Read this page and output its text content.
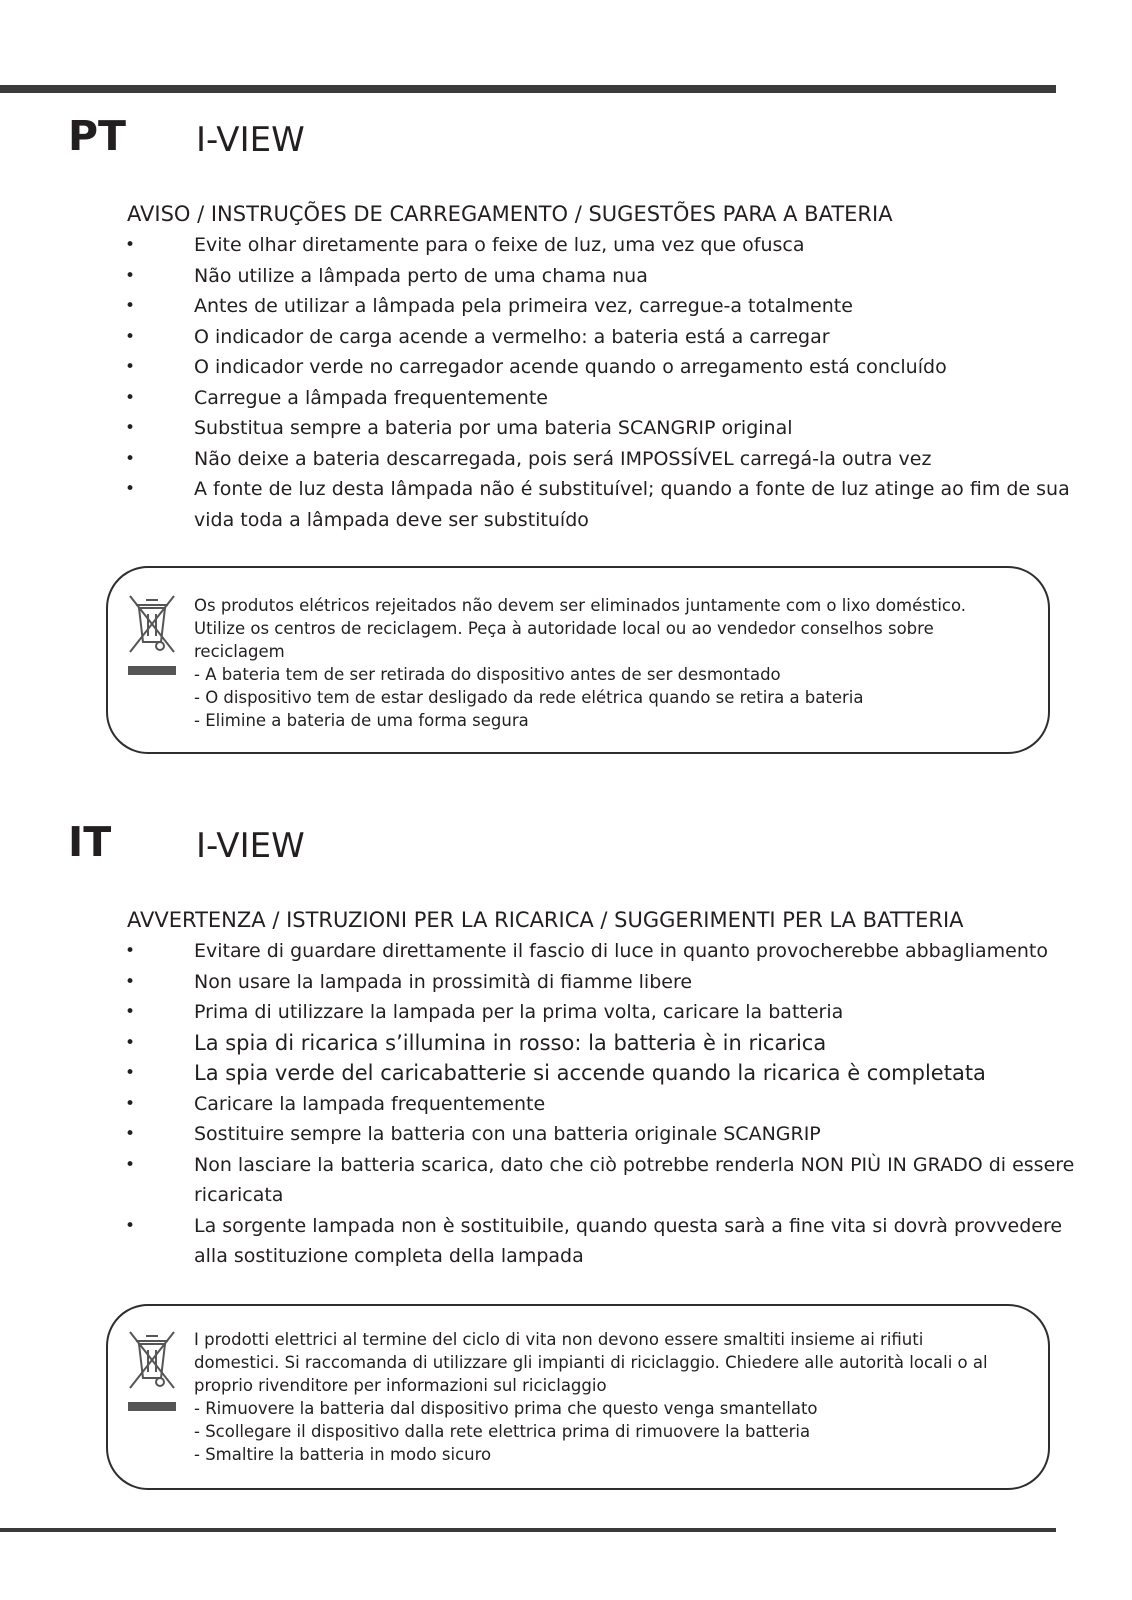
PT I-VIEW
AVISO / INSTRUÇÕES DE CARREGAMENTO / SUGESTÕES PARA A BATERIA
•	Evite olhar diretamente para o feixe de luz, uma vez que ofusca
•	Não utilize a lâmpada perto de uma chama nua
•	Antes de utilizar a lâmpada pela primeira vez, carregue-a totalmente
•	O indicador de carga acende a vermelho: a bateria está a carregar
•	O indicador verde no carregador acende quando o arregamento está concluído
•	Carregue a lâmpada frequentemente
•	Substitua sempre a bateria por uma bateria SCANGRIP original
•	Não deixe a bateria descarregada, pois será IMPOSSÍVEL carregá-la outra vez
•	A fonte de luz desta lâmpada não é substituível; quando a fonte de luz atinge ao fim de sua vida toda a lâmpada deve ser substituído
Os produtos elétricos rejeitados não devem ser eliminados juntamente com o lixo doméstico. Utilize os centros de reciclagem. Peça à autoridade local ou ao vendedor conselhos sobre reciclagem
- A bateria tem de ser retirada do dispositivo antes de ser desmontado
- O dispositivo tem de estar desligado da rede elétrica quando se retira a bateria
- Elimine a bateria de uma forma segura
IT I-VIEW
AVVERTENZA / ISTRUZIONI PER LA RICARICA / SUGGERIMENTI PER LA BATTERIA
•	Evitare di guardare direttamente il fascio di luce in quanto provocherebbe abbagliamento
•	Non usare la lampada in prossimità di fiamme libere
•	Prima di utilizzare la lampada per la prima volta, caricare la batteria
•	La spia di ricarica s’illumina in rosso: la batteria è in ricarica
•	La spia verde del caricabatterie si accende quando la ricarica è completata
•	Caricare la lampada frequentemente
•	Sostituire sempre la batteria con una batteria originale SCANGRIP
•	Non lasciare la batteria scarica, dato che ciò potrebbe renderla NON PIÙ IN GRADO di essere ricaricata
•	La sorgente lampada non è sostituibile, quando questa sarà a fine vita si dovrà provvedere alla sostituzione completa della lampada
I prodotti elettrici al termine del ciclo di vita non devono essere smaltiti insieme ai rifiuti domestici. Si raccomanda di utilizzare gli impianti di riciclaggio. Chiedere alle autorità locali o al proprio rivenditore per informazioni sul riciclaggio
- Rimuovere la batteria dal dispositivo prima che questo venga smantellato
- Scollegare il dispositivo dalla rete elettrica prima di rimuovere la batteria
- Smaltire la batteria in modo sicuro
